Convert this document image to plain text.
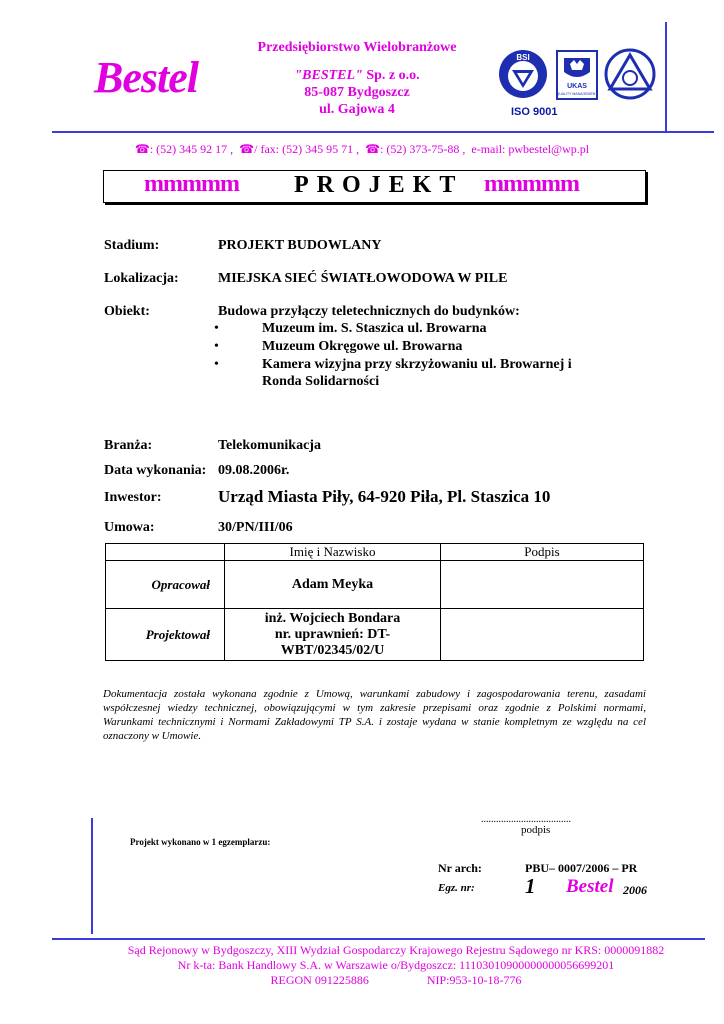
Bestel
Przedsiębiorstwo Wielobranżowe
"BESTEL" Sp. z o.o.
85-087 Bydgoszcz
ul. Gajowa 4
BSI
UKAS
QUALITY MANAGEMENT
ISO 9001
☎: (52) 345 92 17 , ☎/ fax: (52) 345 95 71 , ☎: (52) 373-75-88 , e-mail: pwbestel@wp.pl
mmmmm PROJEKT mmmmm
Stadium:	PROJEKT BUDOWLANY
Lokalizacja:	MIEJSKA SIEĆ ŚWIATŁOWODOWA W PILE
Obiekt:	Budowa przyłączy teletechnicznych do budynków:
•	Muzeum im. S. Staszica ul. Browarna
•	Muzeum Okręgowe ul. Browarna
•	Kamera wizyjna przy skrzyżowaniu ul. Browarnej i
Ronda Solidarności
Branża:	Telekomunikacja
Data wykonania: 09.08.2006r.
Inwestor:	Urząd Miasta Piły, 64-920 Piła, Pl. Staszica 10
Umowa:	30/PN/III/06
	Imię i Nazwisko	Podpis
Opracował	Adam Meyka	
Projektował	inż. Wojciech Bondara
nr. uprawnień: DT-WBT/02345/02/U	

Dokumentacja została wykonana zgodnie z Umową, warunkami zabudowy i zagospodarowania terenu, zasadami współczesnej wiedzy technicznej, obowiązującymi w tym zakresie przepisami oraz zgodnie z Polskimi normami, Warunkami technicznymi i Normami Zakładowymi TP S.A. i zostaje wydana w stanie kompletnym ze względu na cel oznaczony w Umowie.
....................................
podpis
Projekt wykonano w 1 egzemplarzu:
Nr arch:	PBU– 0007/2006 – PR
Egz. nr: 1 Bestel 2006
Sąd Rejonowy w Bydgoszczy, XIII Wydział Gospodarczy Krajowego Rejestru Sądowego nr KRS: 0000091882
Nr k-ta: Bank Handlowy S.A. w Warszawie o/Bydgoszcz: 11103010900000000056699201
REGON 091225886	NIP:953-10-18-776
